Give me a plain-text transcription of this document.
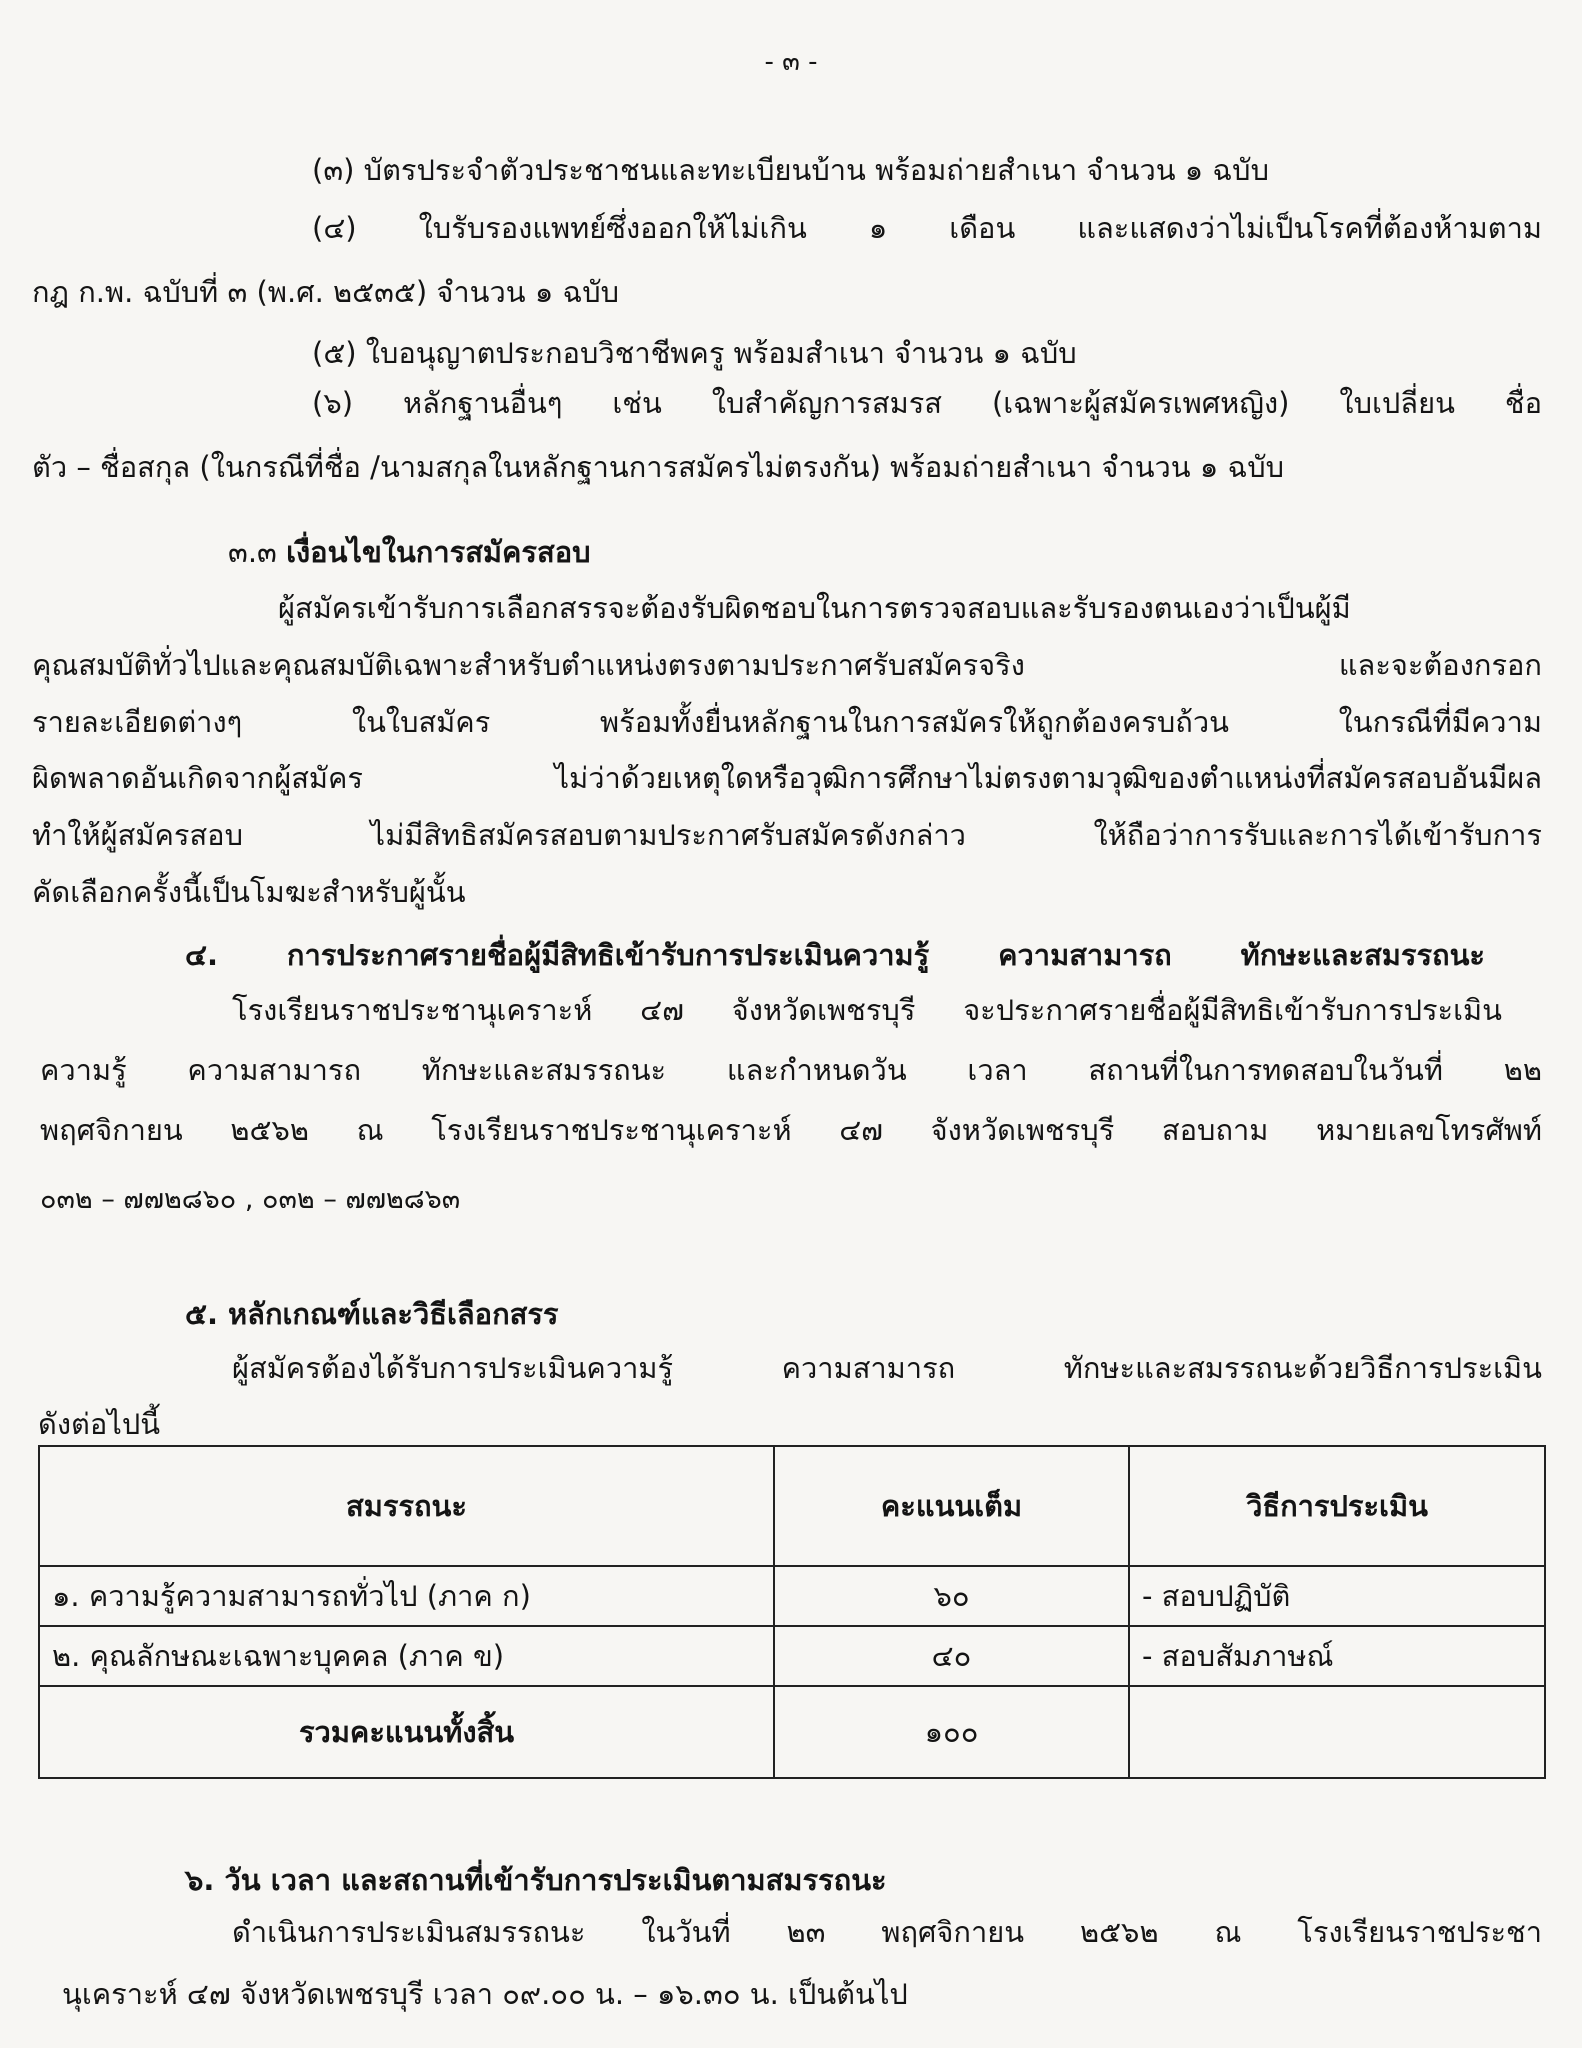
- ๓ -
(๓) บัตรประจำตัวประชาชนและทะเบียนบ้าน พร้อมถ่ายสำเนา จำนวน ๑ ฉบับ
(๔) ใบรับรองแพทย์ซึ่งออกให้ไม่เกิน ๑ เดือน และแสดงว่าไม่เป็นโรคที่ต้องห้ามตาม
กฎ ก.พ. ฉบับที่ ๓ (พ.ศ. ๒๕๓๕) จำนวน ๑ ฉบับ
(๕) ใบอนุญาตประกอบวิชาชีพครู พร้อมสำเนา จำนวน ๑ ฉบับ
(๖) หลักฐานอื่นๆ เช่น ใบสำคัญการสมรส (เฉพาะผู้สมัครเพศหญิง) ใบเปลี่ยน ชื่อ
ตัว – ชื่อสกุล (ในกรณีที่ชื่อ /นามสกุลในหลักฐานการสมัครไม่ตรงกัน) พร้อมถ่ายสำเนา จำนวน ๑ ฉบับ
๓.๓ เงื่อนไขในการสมัครสอบ
ผู้สมัครเข้ารับการเลือกสรรจะต้องรับผิดชอบในการตรวจสอบและรับรองตนเองว่าเป็นผู้มี
คุณสมบัติทั่วไปและคุณสมบัติเฉพาะสำหรับตำแหน่งตรงตามประกาศรับสมัครจริง และจะต้องกรอก
รายละเอียดต่างๆ ในใบสมัคร พร้อมทั้งยื่นหลักฐานในการสมัครให้ถูกต้องครบถ้วน ในกรณีที่มีความ
ผิดพลาดอันเกิดจากผู้สมัคร ไม่ว่าด้วยเหตุใดหรือวุฒิการศึกษาไม่ตรงตามวุฒิของตำแหน่งที่สมัครสอบอันมีผล
ทำให้ผู้สมัครสอบ ไม่มีสิทธิสมัครสอบตามประกาศรับสมัครดังกล่าว ให้ถือว่าการรับและการได้เข้ารับการ
คัดเลือกครั้งนี้เป็นโมฆะสำหรับผู้นั้น
๔. การประกาศรายชื่อผู้มีสิทธิเข้ารับการประเมินความรู้ ความสามารถ ทักษะและสมรรถนะ
โรงเรียนราชประชานุเคราะห์ ๔๗ จังหวัดเพชรบุรี จะประกาศรายชื่อผู้มีสิทธิเข้ารับการประเมิน
ความรู้ ความสามารถ ทักษะและสมรรถนะ และกำหนดวัน เวลา สถานที่ในการทดสอบในวันที่ ๒๒
พฤศจิกายน ๒๕๖๒ ณ โรงเรียนราชประชานุเคราะห์ ๔๗ จังหวัดเพชรบุรี สอบถาม หมายเลขโทรศัพท์
๐๓๒ – ๗๗๒๘๖๐ , ๐๓๒ – ๗๗๒๘๖๓
๕. หลักเกณฑ์และวิธีเลือกสรร
ผู้สมัครต้องได้รับการประเมินความรู้ ความสามารถ ทักษะและสมรรถนะด้วยวิธีการประเมิน
ดังต่อไปนี้
สมรรถนะ	คะแนนเต็ม	วิธีการประเมิน
๑. ความรู้ความสามารถทั่วไป (ภาค ก)	๖๐	- สอบปฏิบัติ
๒. คุณลักษณะเฉพาะบุคคล (ภาค ข)	๔๐	- สอบสัมภาษณ์
รวมคะแนนทั้งสิ้น	๑๐๐	
๖. วัน เวลา และสถานที่เข้ารับการประเมินตามสมรรถนะ
ดำเนินการประเมินสมรรถนะ ในวันที่ ๒๓ พฤศจิกายน ๒๕๖๒ ณ โรงเรียนราชประชา
นุเคราะห์ ๔๗ จังหวัดเพชรบุรี เวลา ๐๙.๐๐ น. – ๑๖.๓๐ น. เป็นต้นไป
